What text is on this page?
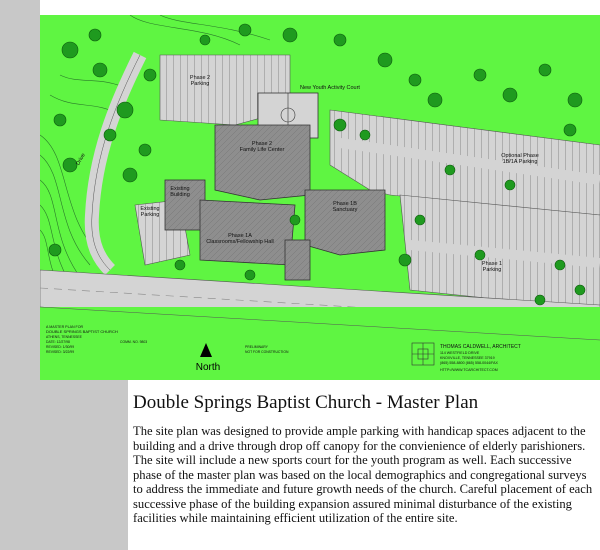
Phase 2 Parking
New Youth Activity Court
Phase 2 Family Life Center
Optional Phase 1B/1A Parking
Drive
Existing Building
Existing Parking
Phase 1B Sanctuary
Phase 1A Classrooms/Fellowship Hall
Phase 1 Parking
North
A MASTER PLAN FOR
DOUBLE SPRINGS BAPTIST CHURCH
ATHENS, TENNESSEE
DATE: 12/27/98
REVISED: 1/30/99
REVISED: 3/22/99
COMM. NO. 9803
PRELIMINARY
NOT FOR CONSTRUCTION
THOMAS CALDWELL, ARCHITECT
114 WESTFIELD DRIVE
KNOXVILLE, TENNESSEE 37919
(865) 558-8800 (865) 558-0044/FAX
HTTP://WWW.TCARCHITECT.COM
Double Springs Baptist Church - Master Plan

The site plan was designed to provide ample parking with handicap spaces adjacent to the building and a drive through drop off canopy for the convienience of elderly parishioners. The site will include a new sports court for the youth program as well. Each successive phase of the master plan was based on the local demographics and congregational surveys to address the immediate and future growth needs of the church. Careful placement of each successive phase of the building expansion assured minimal disturbance of the existing facilities while maintaining efficient utilization of the entire site.
